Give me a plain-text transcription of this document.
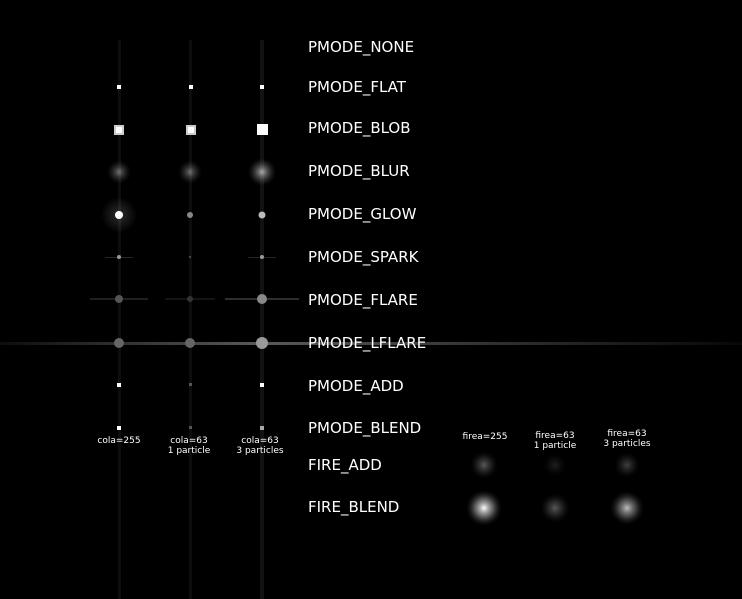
PMODE_NONE
PMODE_FLAT
PMODE_BLOB
PMODE_BLUR
PMODE_GLOW
PMODE_SPARK
PMODE_FLARE
PMODE_LFLARE
PMODE_ADD
PMODE_BLEND
FIRE_ADD
FIRE_BLEND
cola=255	cola=63
1 particle
cola=63
3 particles
firea=255	firea=63
1 particle
firea=63
3 particles
